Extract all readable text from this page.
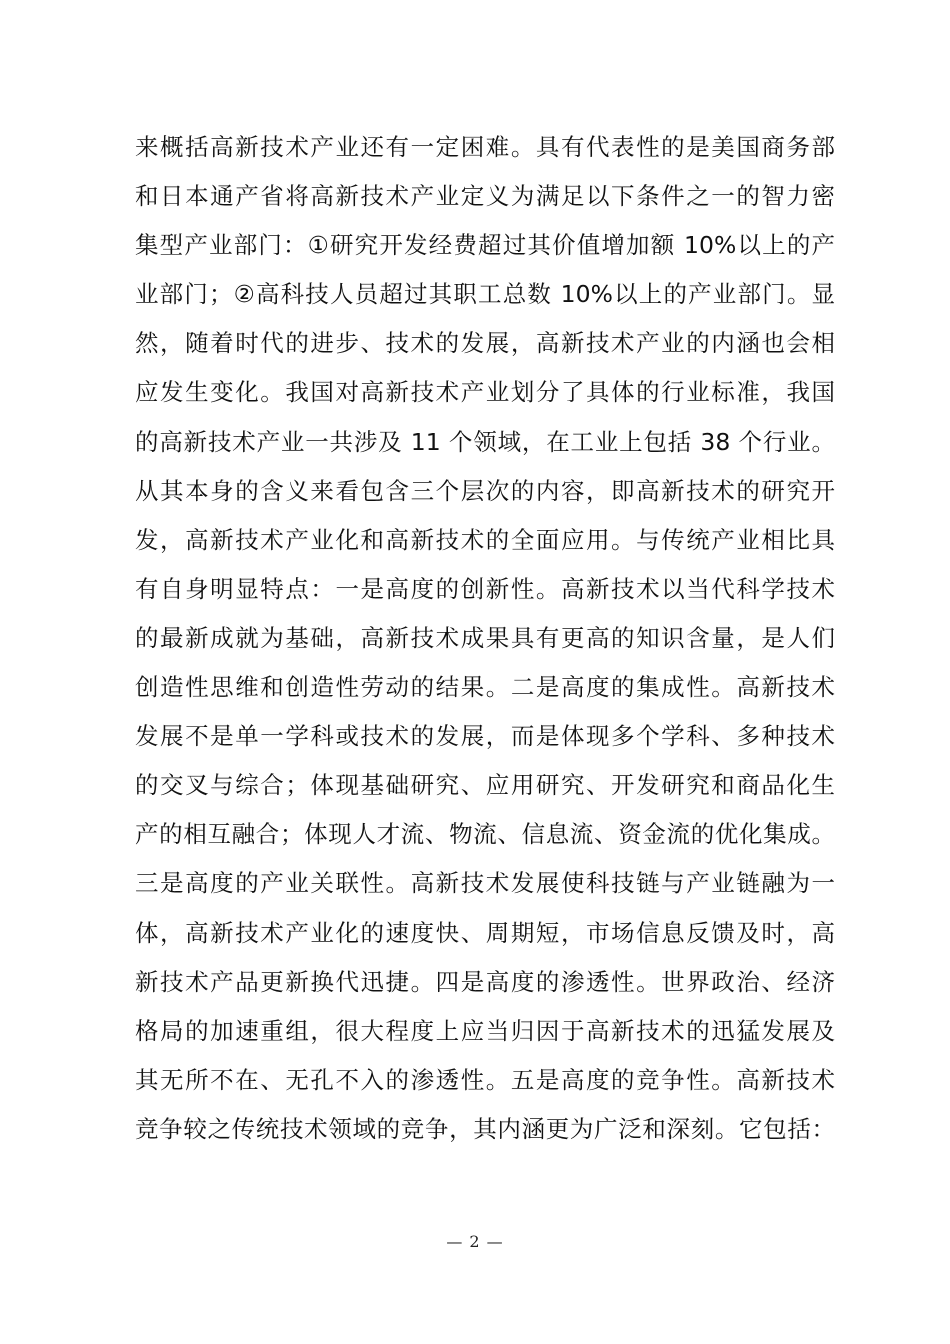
来概括高新技术产业还有一定困难。具有代表性的是美国商务部
和日本通产省将高新技术产业定义为满足以下条件之一的智力密
集型产业部门：①研究开发经费超过其价值增加额 10%以上的产
业部门；②高科技人员超过其职工总数 10%以上的产业部门。显
然，随着时代的进步、技术的发展，高新技术产业的内涵也会相
应发生变化。我国对高新技术产业划分了具体的行业标准，我国
的高新技术产业一共涉及 11 个领域，在工业上包括 38 个行业。
从其本身的含义来看包含三个层次的内容，即高新技术的研究开
发，高新技术产业化和高新技术的全面应用。与传统产业相比具
有自身明显特点：一是高度的创新性。高新技术以当代科学技术
的最新成就为基础，高新技术成果具有更高的知识含量，是人们
创造性思维和创造性劳动的结果。二是高度的集成性。高新技术
发展不是单一学科或技术的发展，而是体现多个学科、多种技术
的交叉与综合；体现基础研究、应用研究、开发研究和商品化生
产的相互融合；体现人才流、物流、信息流、资金流的优化集成。
三是高度的产业关联性。高新技术发展使科技链与产业链融为一
体，高新技术产业化的速度快、周期短，市场信息反馈及时，高
新技术产品更新换代迅捷。四是高度的渗透性。世界政治、经济
格局的加速重组，很大程度上应当归因于高新技术的迅猛发展及
其无所不在、无孔不入的渗透性。五是高度的竞争性。高新技术
竞争较之传统技术领域的竞争，其内涵更为广泛和深刻。它包括：
— 2 —
